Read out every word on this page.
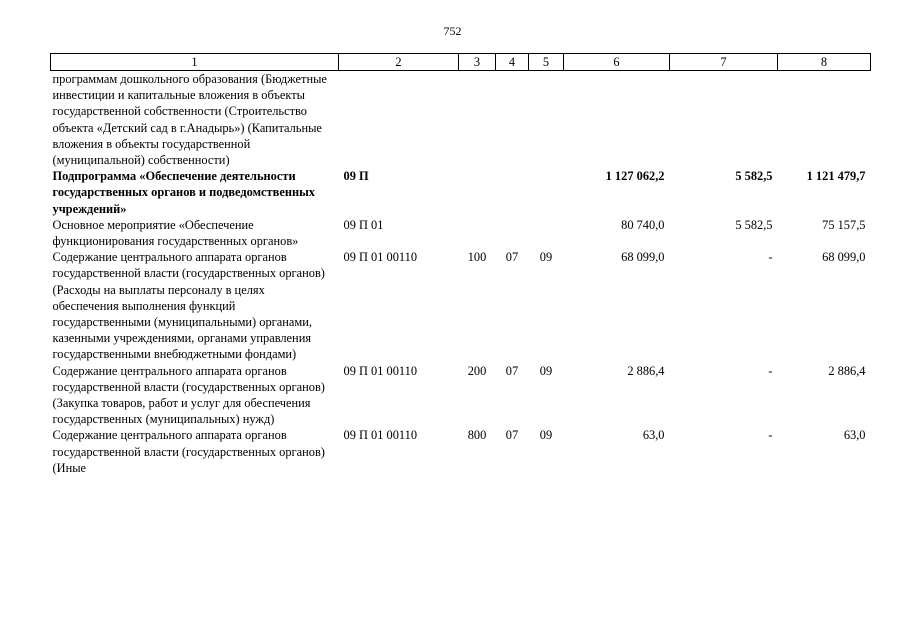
752
1	2	3	4	5	6	7	8
программам дошкольного образования (Бюджетные инвестиции и капитальные вложения в объекты государственной собственности (Строительство объекта «Детский сад в г.Анадырь») (Капитальные вложения в объекты государственной (муниципальной) собственности)							
Подпрограмма «Обеспечение деятельности государственных органов и подведомственных учреждений»	09 П				1 127 062,2	5 582,5	1 121 479,7
Основное мероприятие «Обеспечение функционирования государственных органов»	09 П 01				80 740,0	5 582,5	75 157,5
Содержание центрального аппарата органов государственной власти (государственных органов) (Расходы на выплаты персоналу в целях обеспечения выполнения функций государственными (муниципальными) органами, казенными учреждениями, органами управления государственными внебюджетными фондами)	09 П 01 00110	100	07	09	68 099,0	-	68 099,0
Содержание центрального аппарата органов государственной власти (государственных органов) (Закупка товаров, работ и услуг для обеспечения государственных (муниципальных) нужд)	09 П 01 00110	200	07	09	2 886,4	-	2 886,4
Содержание центрального аппарата органов государственной власти (государственных органов) (Иные	09 П 01 00110	800	07	09	63,0	-	63,0
